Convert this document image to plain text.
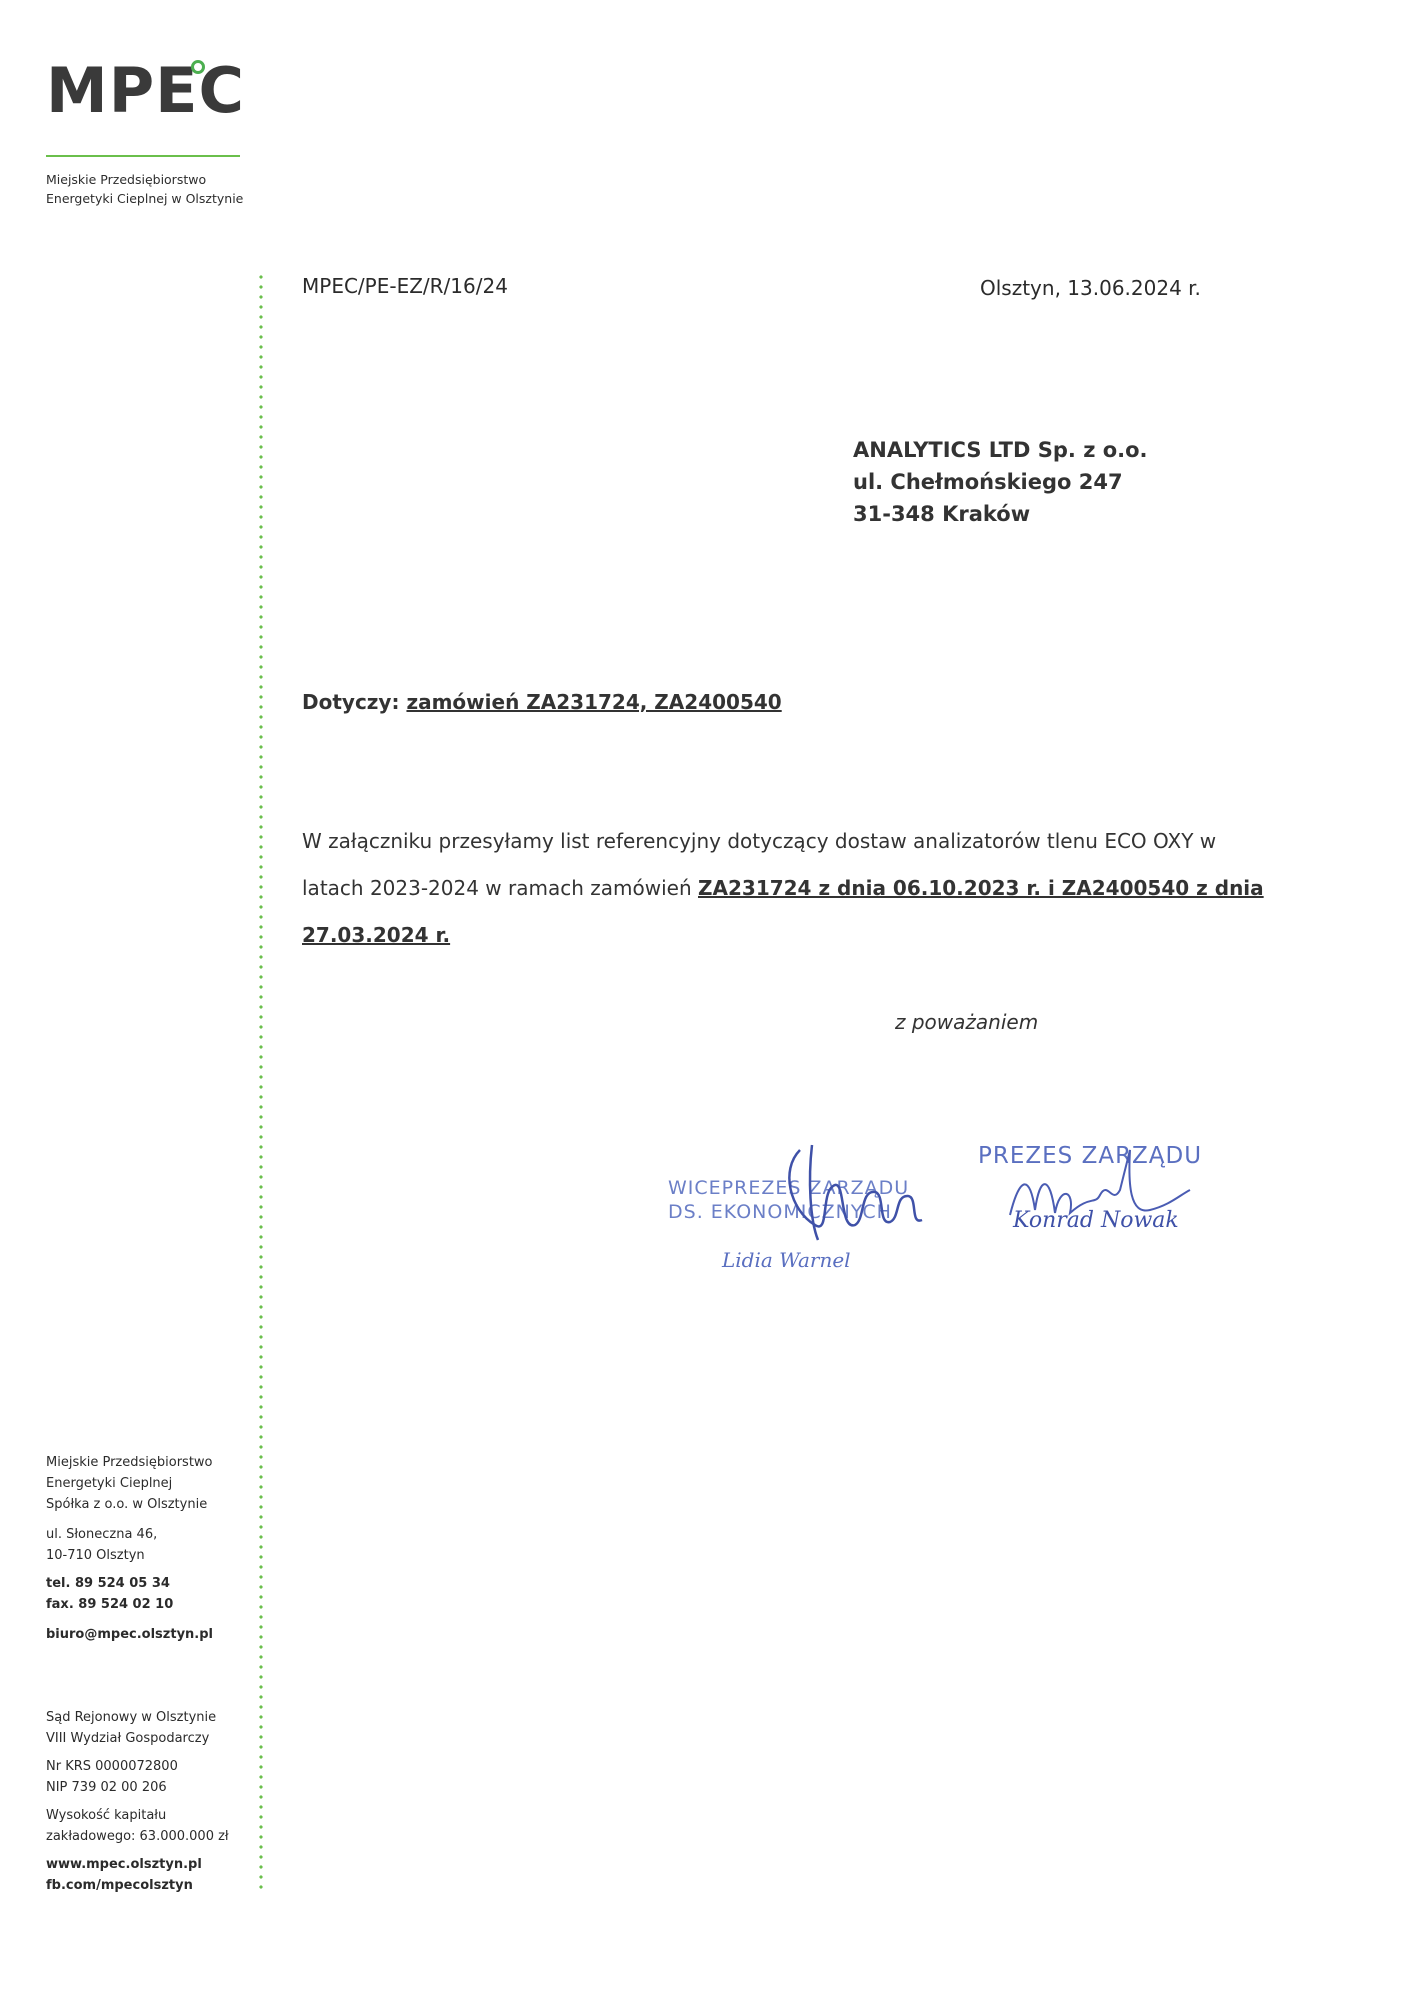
MPEC
Miejskie Przedsiębiorstwo
Energetyki Cieplnej w Olsztynie
MPEC/PE-EZ/R/16/24	Olsztyn, 13.06.2024 r.
ANALYTICS LTD Sp. z o.o.
ul. Chełmońskiego 247
31-348 Kraków
Dotyczy: zamówień ZA231724, ZA2400540
W załączniku przesyłamy list referencyjny dotyczący dostaw analizatorów tlenu ECO OXY w latach 2023-2024 w ramach zamówień ZA231724 z dnia 06.10.2023 r. i ZA2400540 z dnia 27.03.2024 r.
z poważaniem
WICEPREZES ZARZĄDU
DS. EKONOMICZNYCH
Lidia Warnel
PREZES ZARZĄDU
Konrad Nowak
Miejskie Przedsiębiorstwo
Energetyki Cieplnej
Spółka z o.o. w Olsztynie
ul. Słoneczna 46,
10-710 Olsztyn
tel. 89 524 05 34
fax. 89 524 02 10
biuro@mpec.olsztyn.pl
Sąd Rejonowy w Olsztynie
VIII Wydział Gospodarczy
Nr KRS 0000072800
NIP 739 02 00 206
Wysokość kapitału
zakładowego: 63.000.000 zł
www.mpec.olsztyn.pl
fb.com/mpecolsztyn
